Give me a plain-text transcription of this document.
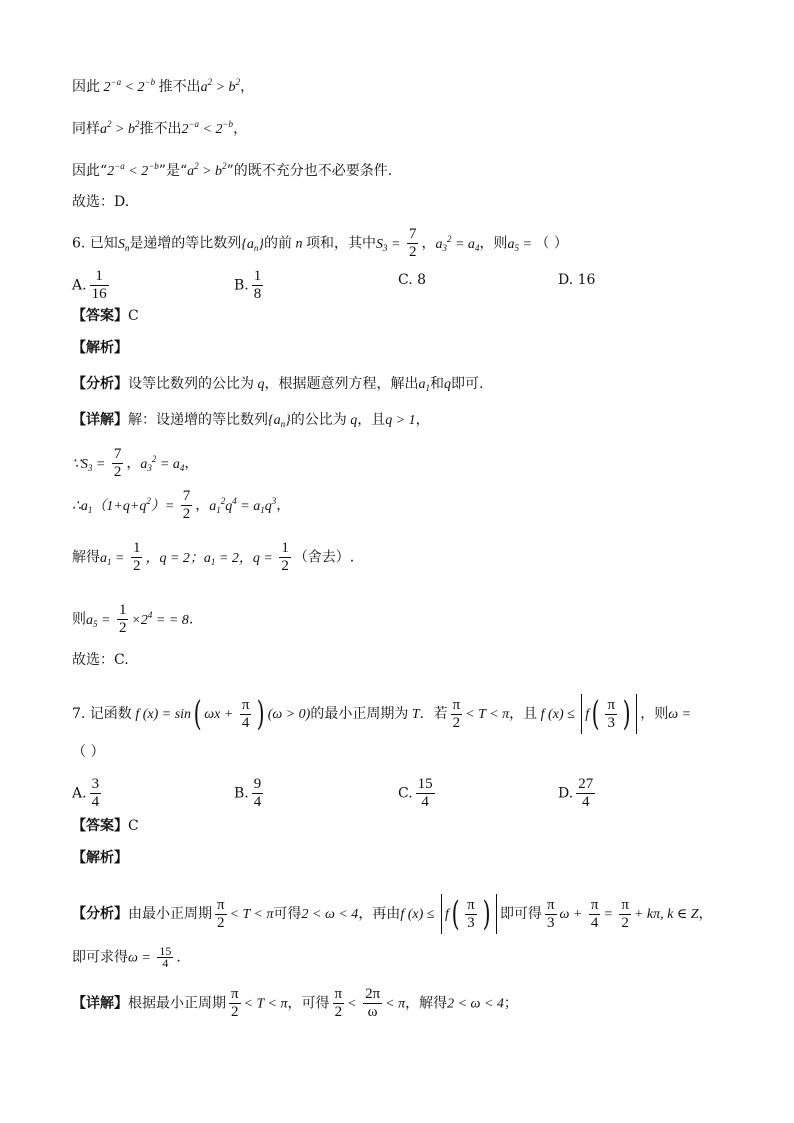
因此 $2^{-a} < 2^{-b}$ 推不出$a^2 > b^2$，
同样$a^2 > b^2$推不出$2^{-a} < 2^{-b}$，
因此“$2^{-a} < 2^{-b}$”是“$a^2 > b^2$”的既不充分也不必要条件.
故选：D.
6. 已知$S_n$是递增的等比数列$\{a_n\}$的前 n 项和，其中$S_3 = \frac{7}{2}$ ，$a_3^2 = a_4$，则$a_5$ = （ ）
A. $\frac{1}{16}$	B. $\frac{1}{8}$	C. 8	D. 16
【答案】C
【解析】
【分析】设等比数列的公比为 q，根据题意列方程，解出$a_1$和q即可.
【详解】解：设递增的等比数列$\{a_n\}$的公比为 q，且q > 1，
$\because S_3 = \frac{7}{2}$ ，$a_3^2 = a_4$，
$\therefore a_1(1+q+q^2)= \frac{7}{2}$ ，$a_1^2q^4 = a_1q^3$，
解得$a_1 = \frac{1}{2}$ ，q = 2；$a_1 = 2$，$q = \frac{1}{2}$ （舍去）.
则$a_5 = \frac{1}{2} \times 2^4$ = = 8.
故选：C.
7. 记函数 f (x) = sin( $\omega x + \frac{\pi}{4}$ ) (ω > 0)的最小正周期为 T．若 $\frac{\pi}{2} < T < \pi$，且 f $(x) \le f( \frac{\pi}{3}$ ) ，则ω =
（ ）
A. $\frac{3}{4}$	B. $\frac{9}{4}$	C. $\frac{15}{4}$	D. $\frac{27}{4}$
【答案】C
【解析】
【分析】由最小正周期 $\frac{\pi}{2} < T < \pi$可得2 < ω < 4，再由f $(x) \le f( \frac{\pi}{3}$ ) 即可得 $\frac{\pi}{3}$ $\omega + \frac{\pi}{4} = \frac{\pi}{2} + k\pi$, k ∈ Z，
即可求得$\omega = \frac{15}{4}$ .
【详解】根据最小正周期 $\frac{\pi}{2} < T < \pi$，可得 $\frac{\pi}{2} < \frac{2\pi}{\omega} < \pi$，解得2 < ω < 4；
